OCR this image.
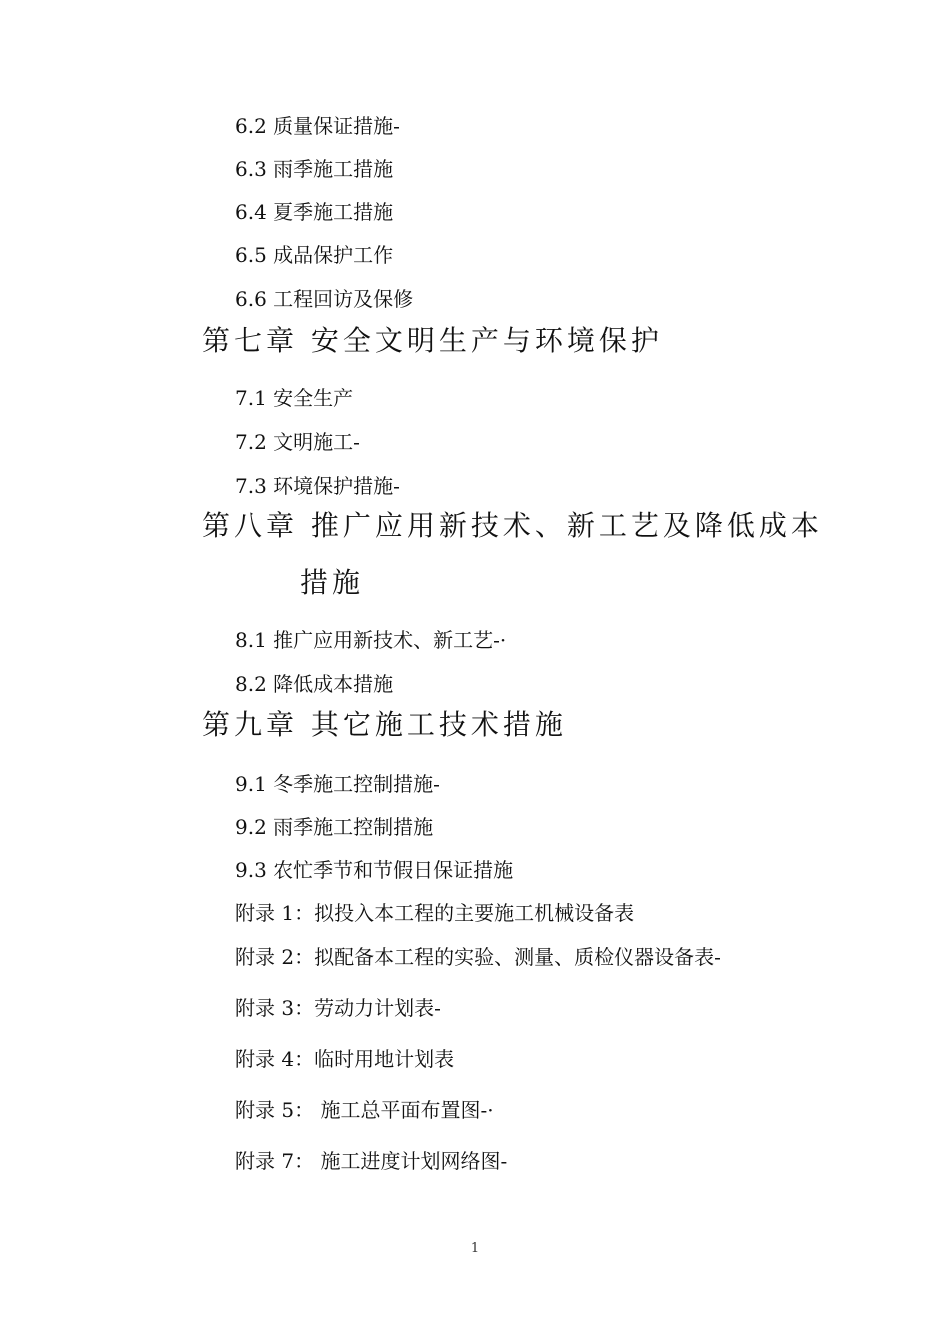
6.2 质量保证措施-
6.3 雨季施工措施
6.4 夏季施工措施
6.5 成品保护工作
6.6 工程回访及保修
第七章 安全文明生产与环境保护
7.1 安全生产
7.2 文明施工-
7.3 环境保护措施-
第八章 推广应用新技术、新工艺及降低成本
措施
8.1 推广应用新技术、新工艺-·
8.2 降低成本措施
第九章 其它施工技术措施
9.1 冬季施工控制措施-
9.2 雨季施工控制措施
9.3 农忙季节和节假日保证措施
附录 1：拟投入本工程的主要施工机械设备表
附录 2：拟配备本工程的实验、测量、质检仪器设备表-
附录 3：劳动力计划表-
附录 4：临时用地计划表
附录 5： 施工总平面布置图-·
附录 7： 施工进度计划网络图-
1
